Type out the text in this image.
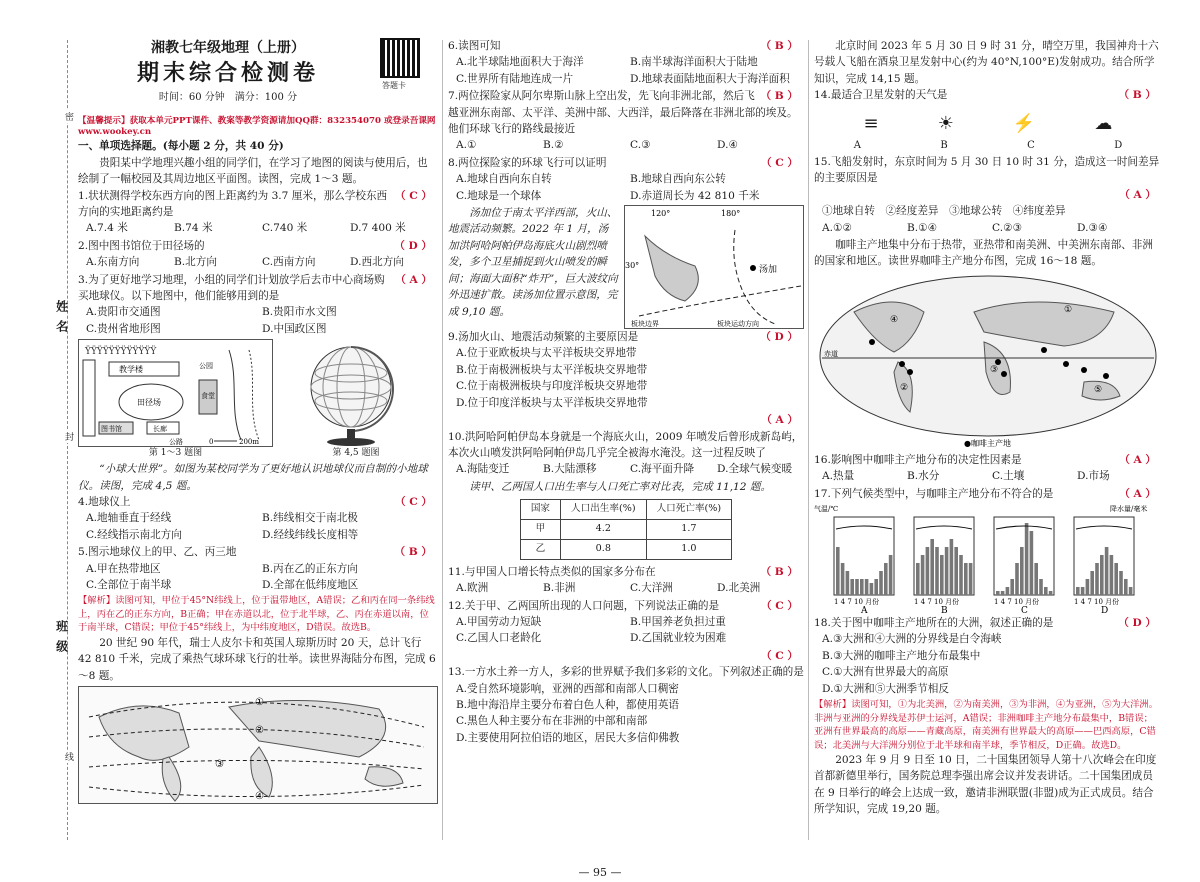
密
姓 名
封
班 级
线
湘教七年级地理（上册）
期末综合检测卷
时间：60 分钟　满分：100 分
答题卡
【温馨提示】获取本单元PPT课件、教案等教学资源请加QQ群：832354070 或登录吾课网 www.wookey.cn
一、单项选择题。(每小题 2 分，共 40 分)
贵阳某中学地理兴趣小组的同学们，在学习了地图的阅读与使用后，也绘制了一幅校园及其周边地区平面图。读图，完成 1～3 题。
（ C ）
1.状状测得学校东西方向的图上距离约为 3.7 厘米，那么学校东西方向的实地距离约是
A.7.4 米	B.74 米	C.740 米	D.7 400 米
（ D ）
2.图中图书馆位于田径场的
A.东南方向	B.北方向	C.西南方向	D.西北方向
（ A ）
3.为了更好地学习地理，小组的同学们计划放学后去市中心商场购买地球仪。以下地图中，他们能够用到的是
A.贵阳市交通图	B.贵阳市水文图
C.贵州省地形图	D.中国政区图
ŸŸŸŸŸŸŸŸŸŸŸŸ
教学楼
田径场
图书馆	长廊
食堂
公园
公路	0	200m
第 1～3 题图	第 4,5 题图
“小球大世界”。如图为某校同学为了更好地认识地球仪而自制的小地球仪。读图，完成 4,5 题。
（ C ）
4.地球仪上
A.地轴垂直于经线	B.纬线相交于南北极
C.经线指示南北方向	D.经线纬线长度相等
（ B ）
5.图示地球仪上的甲、乙、丙三地
A.甲在热带地区	B.丙在乙的正东方向
C.全部位于南半球	D.全部在低纬度地区
【解析】读图可知，甲位于45°N纬线上，位于温带地区，A错误；乙和丙在同一条纬线上，丙在乙的正东方向，B正确；甲在赤道以北，位于北半球，乙、丙在赤道以南，位于南半球，C错误；甲位于45°纬线上，为中纬度地区，D错误。故选B。
20 世纪 90 年代，瑞士人皮尔卡和英国人琼斯历时 20 天，总计飞行 42 810 千米，完成了乘热气球环球飞行的壮举。读世界海陆分布图，完成 6～8 题。
①
②
③
④
（ B ）
6.读图可知
A.北半球陆地面积大于海洋	B.南半球海洋面积大于陆地
C.世界所有陆地连成一片	D.地球表面陆地面积大于海洋面积
（ B ）
7.两位探险家从阿尔卑斯山脉上空出发，先飞向非洲北部，然后飞越亚洲东南部、太平洋、美洲中部、大西洋，最后降落在非洲北部的埃及。他们环球飞行的路线最接近
A.①	B.②	C.③	D.④
（ C ）
8.两位探险家的环球飞行可以证明
A.地球自西向东自转	B.地球自西向东公转
C.地球是一个球体	D.赤道周长为 42 810 千米
汤加位于南太平洋西部，火山、地震活动频繁。2022 年 1 月，汤加洪阿哈阿帕伊岛海底火山剧烈喷发，多个卫星捕捉到火山喷发的瞬间；海面大面积“炸开”，巨大波纹向外迅速扩散。读汤加位置示意图，完成 9,10 题。
120°	180°
30°	汤加
板块边界	板块运动方向
（ D ）
9.汤加火山、地震活动频繁的主要原因是
A.位于亚欧板块与太平洋板块交界地带
B.位于南极洲板块与太平洋板块交界地带
C.位于南极洲板块与印度洋板块交界地带
D.位于印度洋板块与太平洋板块交界地带
（ A ）
10.洪阿哈阿帕伊岛本身就是一个海底火山，2009 年喷发后曾形成新岛屿，本次火山喷发洪阿哈阿帕伊岛几乎完全被海水淹没。这一过程反映了
A.海陆变迁	B.大陆漂移	C.海平面升降	D.全球气候变暖
读甲、乙两国人口出生率与人口死亡率对比表，完成 11,12 题。
国家	人口出生率(%)	人口死亡率(%)
甲	4.2	1.7
乙	0.8	1.0
（ B ）
11.与甲国人口增长特点类似的国家多分布在
A.欧洲	B.非洲	C.大洋洲	D.北美洲
（ C ）
12.关于甲、乙两国所出现的人口问题，下列说法正确的是
A.甲国劳动力短缺	B.甲国养老负担过重
C.乙国人口老龄化	D.乙国就业较为困难
（ C ）
13.一方水土养一方人，多彩的世界赋予我们多彩的文化。下列叙述正确的是
A.受自然环境影响，亚洲的西部和南部人口稠密
B.地中海沿岸主要分布着白色人种，都使用英语
C.黑色人种主要分布在非洲的中部和南部
D.主要使用阿拉伯语的地区，居民大多信仰佛教
北京时间 2023 年 5 月 30 日 9 时 31 分，晴空万里，我国神舟十六号载人飞船在酒泉卫星发射中心(约为 40°N,100°E)发射成功。结合所学知识，完成 14,15 题。
（ B ）
14.最适合卫星发射的天气是
≡	☀	⚡	☁
A	B	C	D
15.飞船发射时，东京时间为 5 月 30 日 10 时 31 分，造成这一时间差异的主要原因是
（ A ）
①地球自转　②经度差异　③地球公转　④纬度差异
A.①②	B.①④	C.②③	D.③④
咖啡主产地集中分布于热带，亚热带和南美洲、中美洲东南部、非洲的国家和地区。读世界咖啡主产地分布图，完成 16～18 题。
赤道
①
②
③
④
⑤
●咖啡主产地
（ A ）
16.影响图中咖啡主产地分布的决定性因素是
A.热量	B.水分	C.土壤	D.市场
（ A ）
17.下列气候类型中，与咖啡主产地分布不符合的是
气温/℃	降水量/毫米
1 4 7 10 月份
A
1 4 7 10 月份
B
1 4 7 10 月份
C
1 4 7 10 月份
D
（ D ）
18.关于图中咖啡主产地所在的大洲，叙述正确的是
A.③大洲和④大洲的分界线是白令海峡
B.③大洲的咖啡主产地分布最集中
C.①大洲有世界最大的高原
D.①大洲和⑤大洲季节相反
【解析】读图可知，①为北美洲，②为南美洲，③为非洲，④为亚洲，⑤为大洋洲。非洲与亚洲的分界线是苏伊士运河，A错误；非洲咖啡主产地分布最集中，B错误；亚洲有世界最高的高原——青藏高原，南美洲有世界最大的高原——巴西高原，C错误；北美洲与大洋洲分别位于北半球和南半球，季节相反，D正确。故选D。
2023 年 9 月 9 日至 10 日，二十国集团领导人第十八次峰会在印度首都新德里举行，国务院总理李强出席会议并发表讲话。二十国集团成员在 9 日举行的峰会上达成一致，邀请非洲联盟(非盟)成为正式成员。结合所学知识，完成 19,20 题。
— 95 —
